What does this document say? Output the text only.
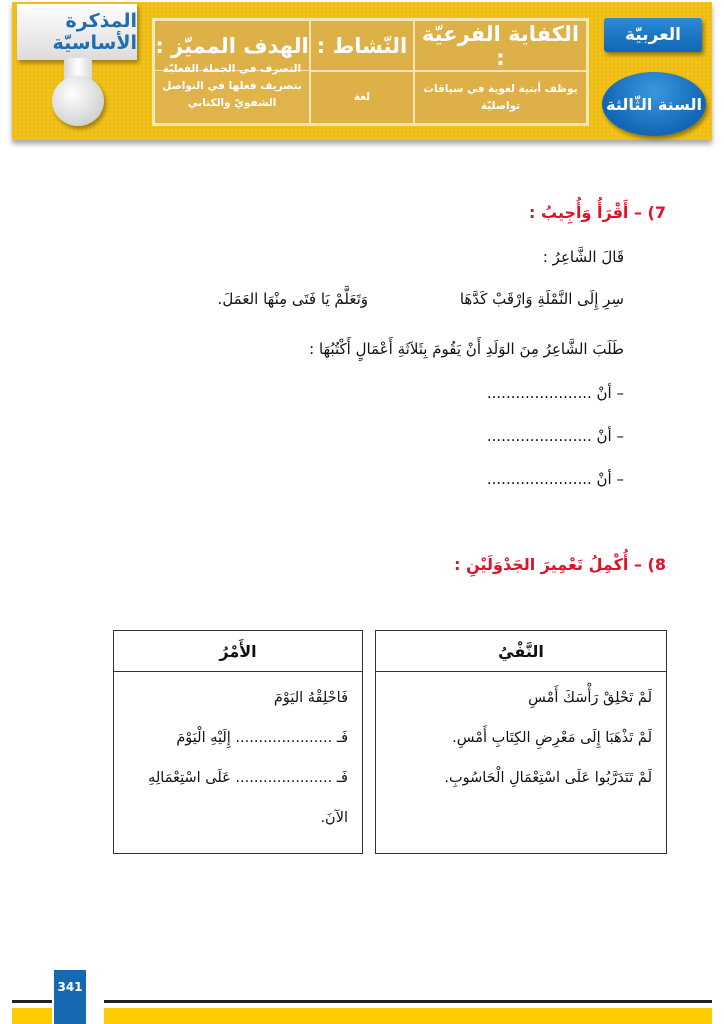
المذكرة الأساسيّة	الكفاية الفرعيّة :
النّشاط :
الهدف المميّز :
يوظف أبنية لغوية في سياقات تواصليّة
لغة
التصرف في الجملة الفعليّة بتصريف فعلها في التواصل الشفويّ والكتابي
العربيّة
السنة الثّالثة
7) – أَقْرَأُ وَأُجِيبُ :
قَالَ الشَّاعِرُ :
سِرِ إِلَى النَّمْلَةِ وَارْقَبْ كَدَّهَا
وَتَعَلَّمْ يَا فَتَى مِنْهَا العَمَلَ.
طَلَبَ الشَّاعِرُ مِنَ الوَلَدِ أَنْ يَقُومَ بِثَلاَثَةِ أَعْمَالٍ أَكْتُبُهَا :
– أنْ ......................
– أنْ ......................
– أنْ ......................
8) – أُكْمِلُ تَعْمِيرَ الجَدْوَلَيْنِ :
النَّفْيُ
لَمْ تَحْلِقْ رَأْسَكَ أَمْسِ
لَمْ تَذْهَبَا إِلَى مَعْرِضِ الكِتَابِ أَمْسِ.
لَمْ تَتَدَرَّبُوا عَلَى اسْتِعْمَالِ الْحَاسُوبِ.
الأَمْرُ
فَاحْلِقْهُ اليَوْمَ
فَـ ..................... إِلَيْهِ الْيَوْمَ
فَـ ..................... عَلَى اسْتِعْمَالِهِ
الآنَ.
341
